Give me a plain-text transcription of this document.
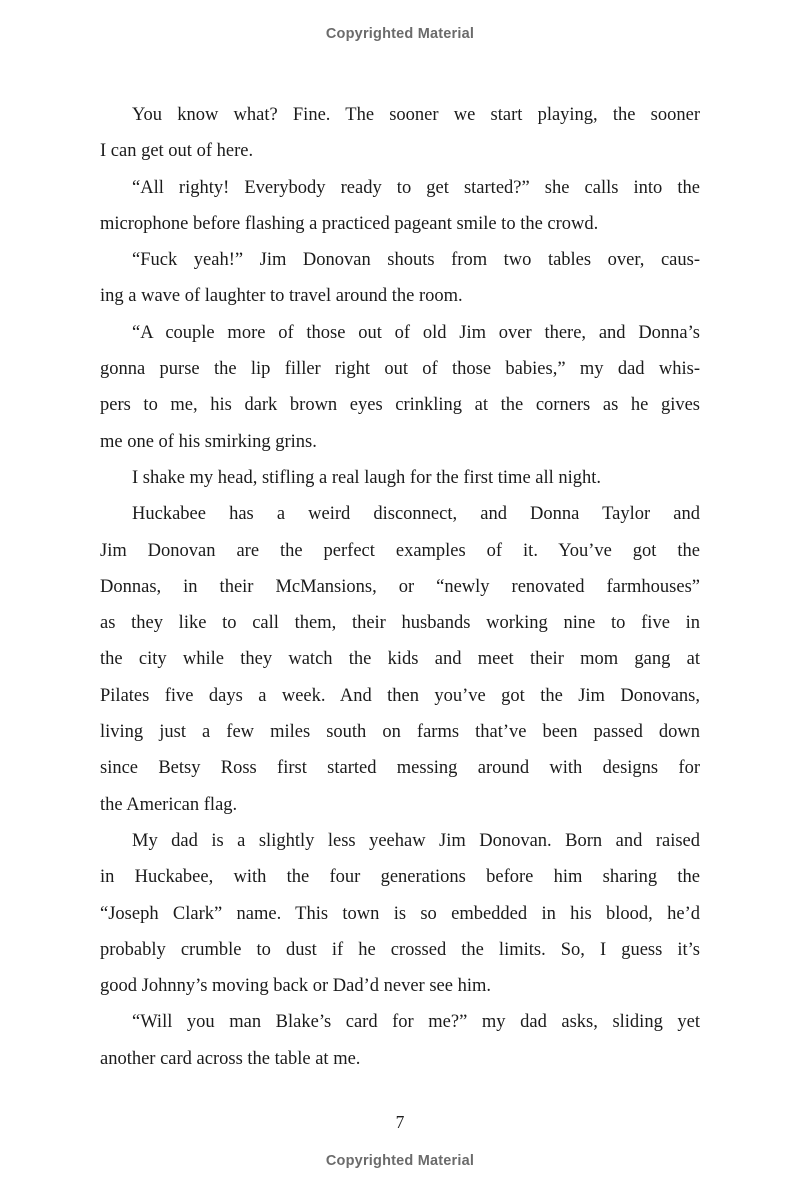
Copyrighted Material

You know what? Fine. The sooner we start playing, the sooner
I can get out of here.

“All righty! Everybody ready to get started?” she calls into the
microphone before flashing a practiced pageant smile to the crowd.

“Fuck yeah!” Jim Donovan shouts from two tables over, caus-
ing a wave of laughter to travel around the room.

“A couple more of those out of old Jim over there, and Donna’s
gonna purse the lip filler right out of those babies,” my dad whis-
pers to me, his dark brown eyes crinkling at the corners as he gives
me one of his smirking grins.

I shake my head, stifling a real laugh for the first time all night.

Huckabee has a weird disconnect, and Donna Taylor and
Jim Donovan are the perfect examples of it. You’ve got the
Donnas, in their McMansions, or “newly renovated farmhouses”
as they like to call them, their husbands working nine to five in
the city while they watch the kids and meet their mom gang at
Pilates five days a week. And then you’ve got the Jim Donovans,
living just a few miles south on farms that’ve been passed down
since Betsy Ross first started messing around with designs for
the American flag.

My dad is a slightly less yeehaw Jim Donovan. Born and raised
in Huckabee, with the four generations before him sharing the
“Joseph Clark” name. This town is so embedded in his blood, he’d
probably crumble to dust if he crossed the limits. So, I guess it’s
good Johnny’s moving back or Dad’d never see him.

“Will you man Blake’s card for me?” my dad asks, sliding yet
another card across the table at me.

7
Copyrighted Material
